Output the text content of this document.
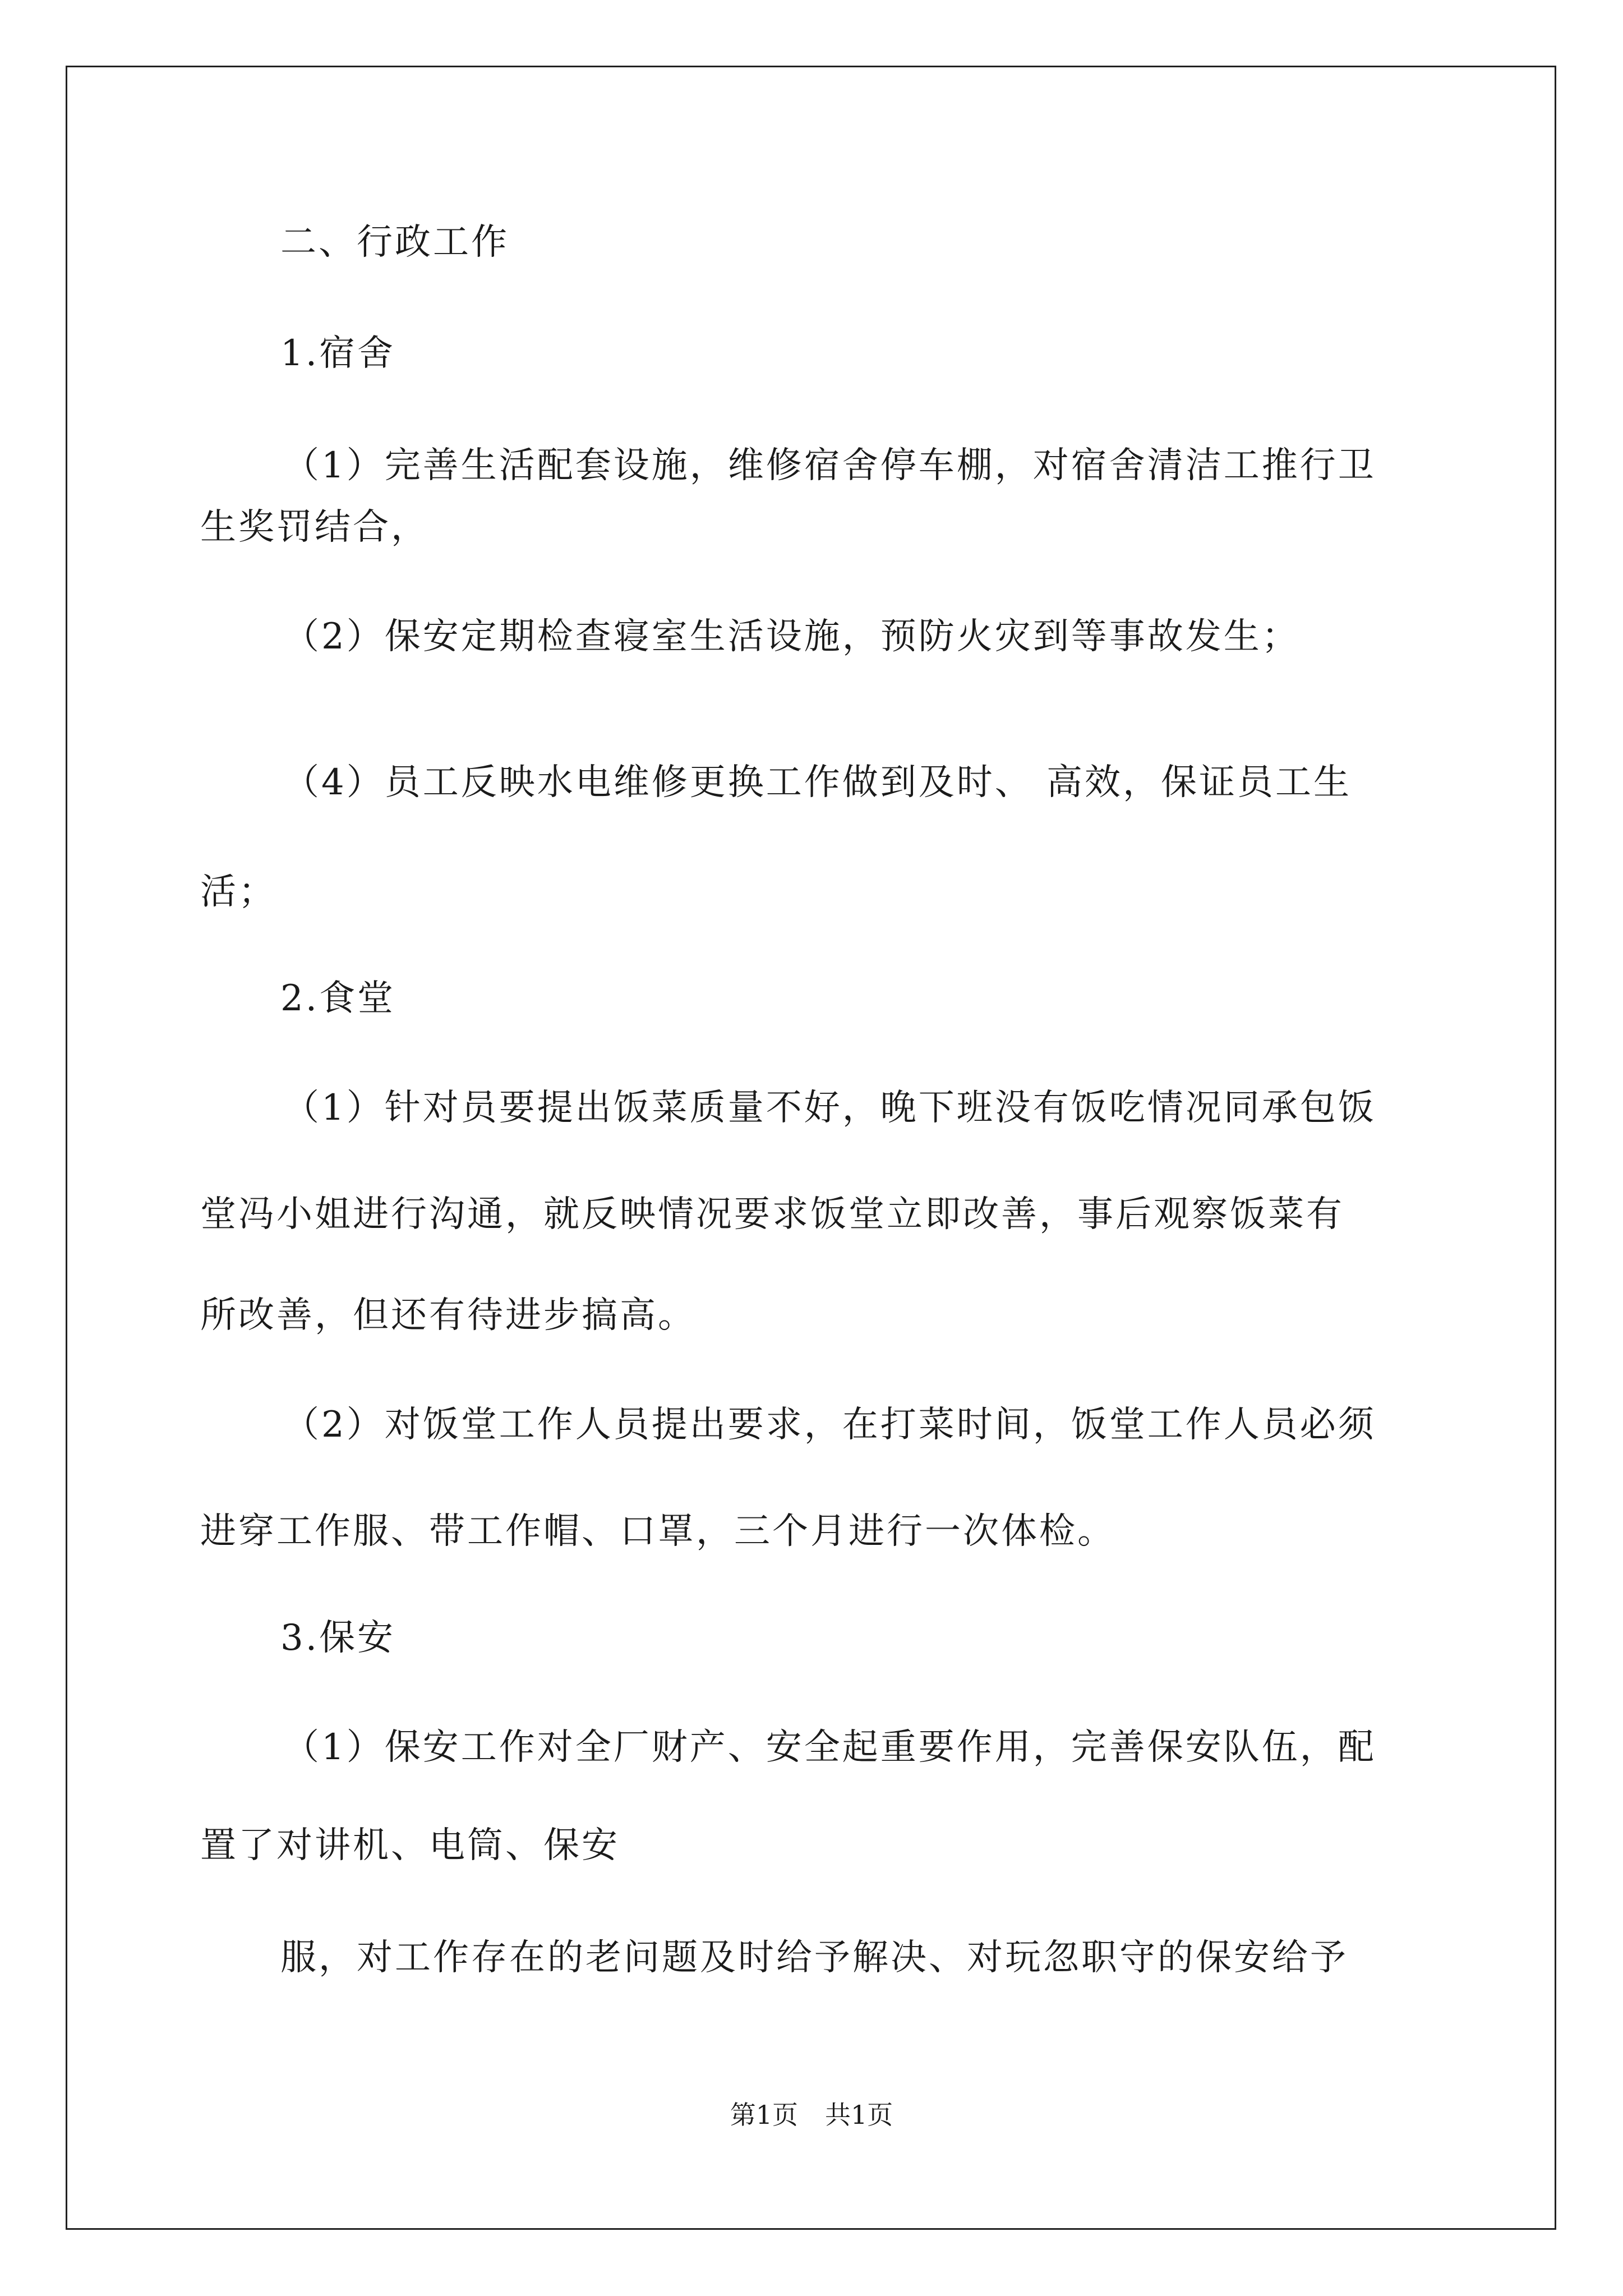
二、行政工作
1.宿舍
（1）完善生活配套设施，维修宿舍停车棚，对宿舍清洁工推行卫
生奖罚结合，
（2）保安定期检查寝室生活设施，预防火灾到等事故发生；
（4）员工反映水电维修更换工作做到及时、 高效，保证员工生
活；
2.食堂
（1）针对员要提出饭菜质量不好，晚下班没有饭吃情况同承包饭
堂冯小姐进行沟通，就反映情况要求饭堂立即改善，事后观察饭菜有
所改善，但还有待进步搞高。
（2）对饭堂工作人员提出要求，在打菜时间，饭堂工作人员必须
进穿工作服、带工作帽、口罩，三个月进行一次体检。
3.保安
（1）保安工作对全厂财产、安全起重要作用，完善保安队伍，配
置了对讲机、电筒、保安
服，对工作存在的老问题及时给予解决、对玩忽职守的保安给予
第1页 共1页
